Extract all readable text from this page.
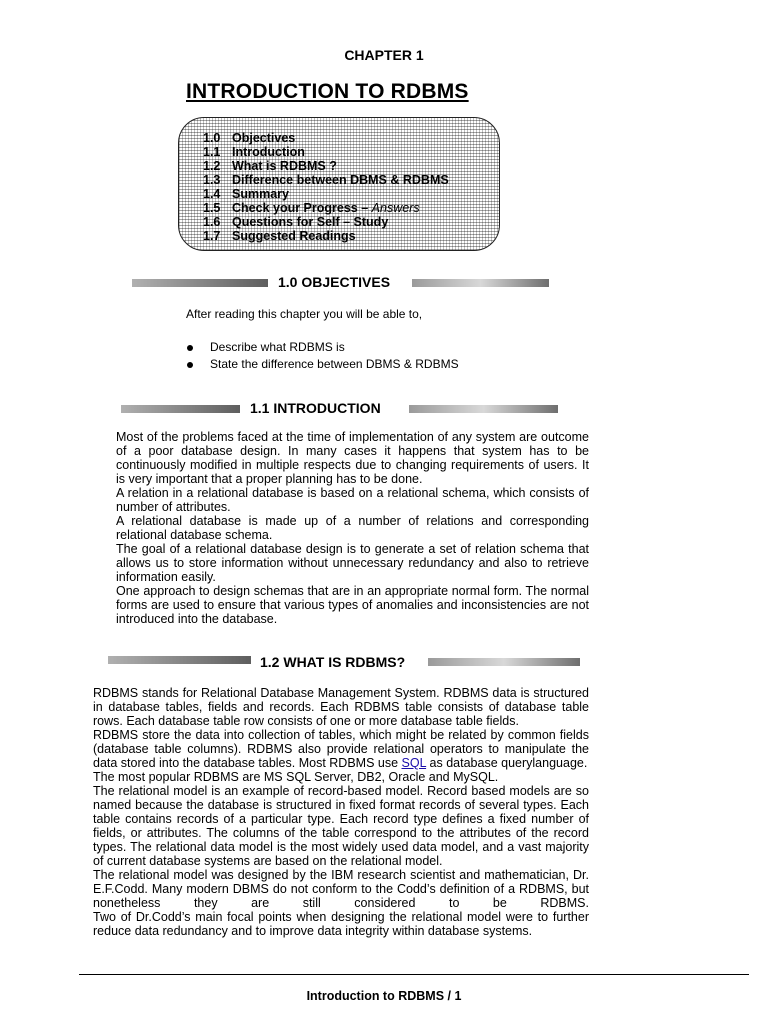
CHAPTER 1
INTRODUCTION TO RDBMS
1.0 Objectives
1.1 Introduction
1.2 What is RDBMS ?
1.3 Difference between DBMS & RDBMS
1.4 Summary
1.5 Check your Progress – Answers
1.6 Questions for Self – Study
1.7 Suggested Readings
1.0 OBJECTIVES
After reading this chapter you will be able to,
Describe what RDBMS is
State the difference between DBMS & RDBMS
1.1 INTRODUCTION

Most of the problems faced at the time of implementation of any system are outcome of a poor database design. In many cases it happens that system has to be continuously modified in multiple respects due to changing requirements of users. It is very important that a proper planning has to be done.

A relation in a relational database is based on a relational schema, which consists of number of attributes.

A relational database is made up of a number of relations and corresponding relational database schema.

The goal of a relational database design is to generate a set of relation schema that allows us to store information without unnecessary redundancy and also to retrieve information easily.

One approach to design schemas that are in an appropriate normal form. The normal forms are used to ensure that various types of anomalies and inconsistencies are not introduced into the database.

1.2 WHAT IS RDBMS?

RDBMS stands for Relational Database Management System. RDBMS data is structured in database tables, fields and records. Each RDBMS table consists of database table rows. Each database table row consists of one or more database table fields.

RDBMS store the data into collection of tables, which might be related by common fields (database table columns). RDBMS also provide relational operators to manipulate the data stored into the database tables. Most RDBMS use SQL as database querylanguage.

The most popular RDBMS are MS SQL Server, DB2, Oracle and MySQL.

The relational model is an example of record-based model. Record based models are so named because the database is structured in fixed format records of several types. Each table contains records of a particular type. Each record type defines a fixed number of fields, or attributes. The columns of the table correspond to the attributes of the record types. The relational data model is the most widely used data model, and a vast majority of current database systems are based on the relational model.

The relational model was designed by the IBM research scientist and mathematician, Dr. E.F.Codd. Many modern DBMS do not conform to the Codd’s definition of a RDBMS, but nonetheless they are still considered to be RDBMS.

Two of Dr.Codd’s main focal points when designing the relational model were to further reduce data redundancy and to improve data integrity within database systems.

Introduction to RDBMS / 1
